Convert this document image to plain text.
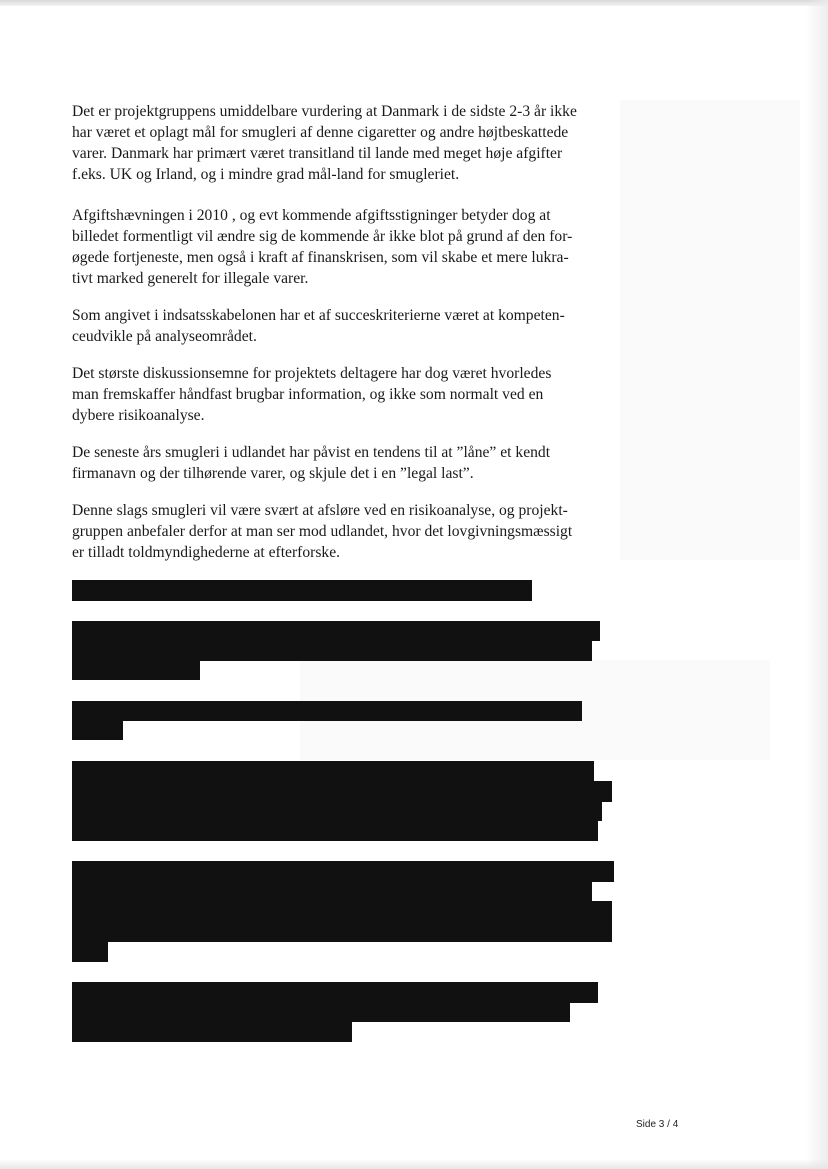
Det er projektgruppens umiddelbare vurdering at Danmark i de sidste 2-3 år ikke
har været et oplagt mål for smugleri af denne cigaretter og andre højtbeskattede
varer. Danmark har primært været transitland til lande med meget høje afgifter
f.eks. UK og Irland, og i mindre grad mål-land for smugleriet.

Afgiftshævningen i 2010 , og evt kommende afgiftsstigninger betyder dog at
billedet formentligt vil ændre sig de kommende år ikke blot på grund af den for-
øgede fortjeneste, men også i kraft af finanskrisen, som vil skabe et mere lukra-
tivt marked generelt for illegale varer.

Som angivet i indsatsskabelonen har et af succeskriterierne været at kompeten-
ceudvikle på analyseområdet.

Det største diskussionsemne for projektets deltagere har dog været hvorledes
man fremskaffer håndfast brugbar information, og ikke som normalt ved en
dybere risikoanalyse.

De seneste års smugleri i udlandet har påvist en tendens til at ”låne” et kendt
firmanavn og der tilhørende varer, og skjule det i en ”legal last”.

Denne slags smugleri vil være svært at afsløre ved en risikoanalyse, og projekt-
gruppen anbefaler derfor at man ser mod udlandet, hvor det lovgivningsmæssigt
er tilladt toldmyndighederne at efterforske.

Side 3 / 4
